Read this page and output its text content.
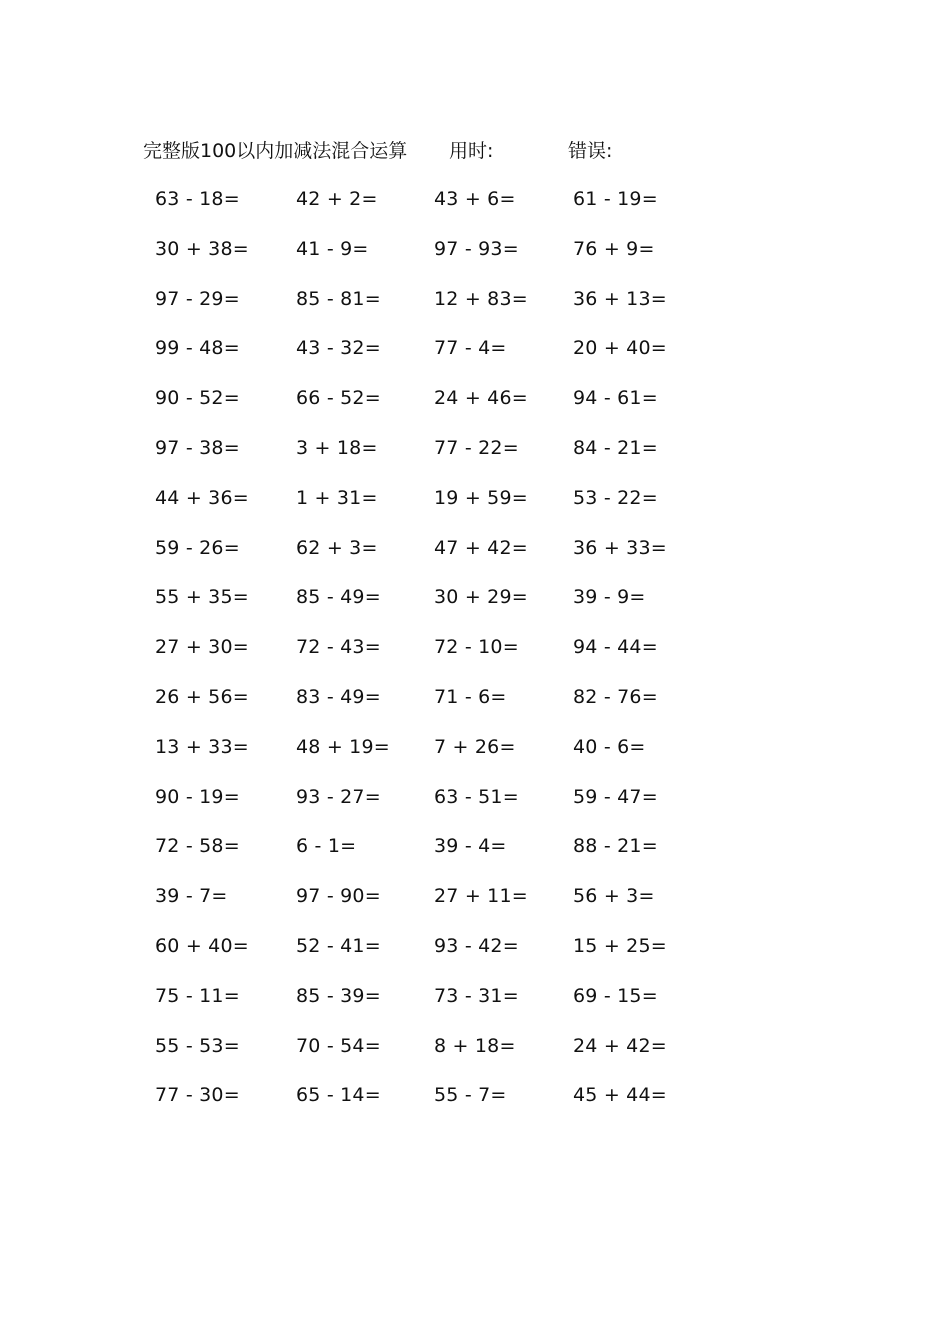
完整版100以内加减法混合运算 用时:	错误:
63 - 18=	42 + 2=	43 + 6=	61 - 19=
30 + 38= 41 - 9=	97 - 93=	76 + 9=
97 - 29=	85 - 81=	12 + 83= 36 + 13=
99 - 48=	43 - 32=	77 - 4=	20 + 40=
90 - 52=	66 - 52=	24 + 46= 94 - 61=
97 - 38=	3 + 18=	77 - 22=	84 - 21=
44 + 36= 1 + 31=	19 + 59= 53 - 22=
59 - 26=	62 + 3=	47 + 42= 36 + 33=
55 + 35= 85 - 49=	30 + 29= 39 - 9=
27 + 30= 72 - 43=	72 - 10=	94 - 44=
26 + 56= 83 - 49=	71 - 6=	82 - 76=
13 + 33= 48 + 19= 7 + 26=	40 - 6=
90 - 19=	93 - 27=	63 - 51=	59 - 47=
72 - 58=	6 - 1=	39 - 4=	88 - 21=
39 - 7=	97 - 90=	27 + 11= 56 + 3=
60 + 40= 52 - 41=	93 - 42=	15 + 25=
75 - 11=	85 - 39=	73 - 31=	69 - 15=
55 - 53=	70 - 54=	8 + 18=	24 + 42=
77 - 30=	65 - 14=	55 - 7=	45 + 44=
